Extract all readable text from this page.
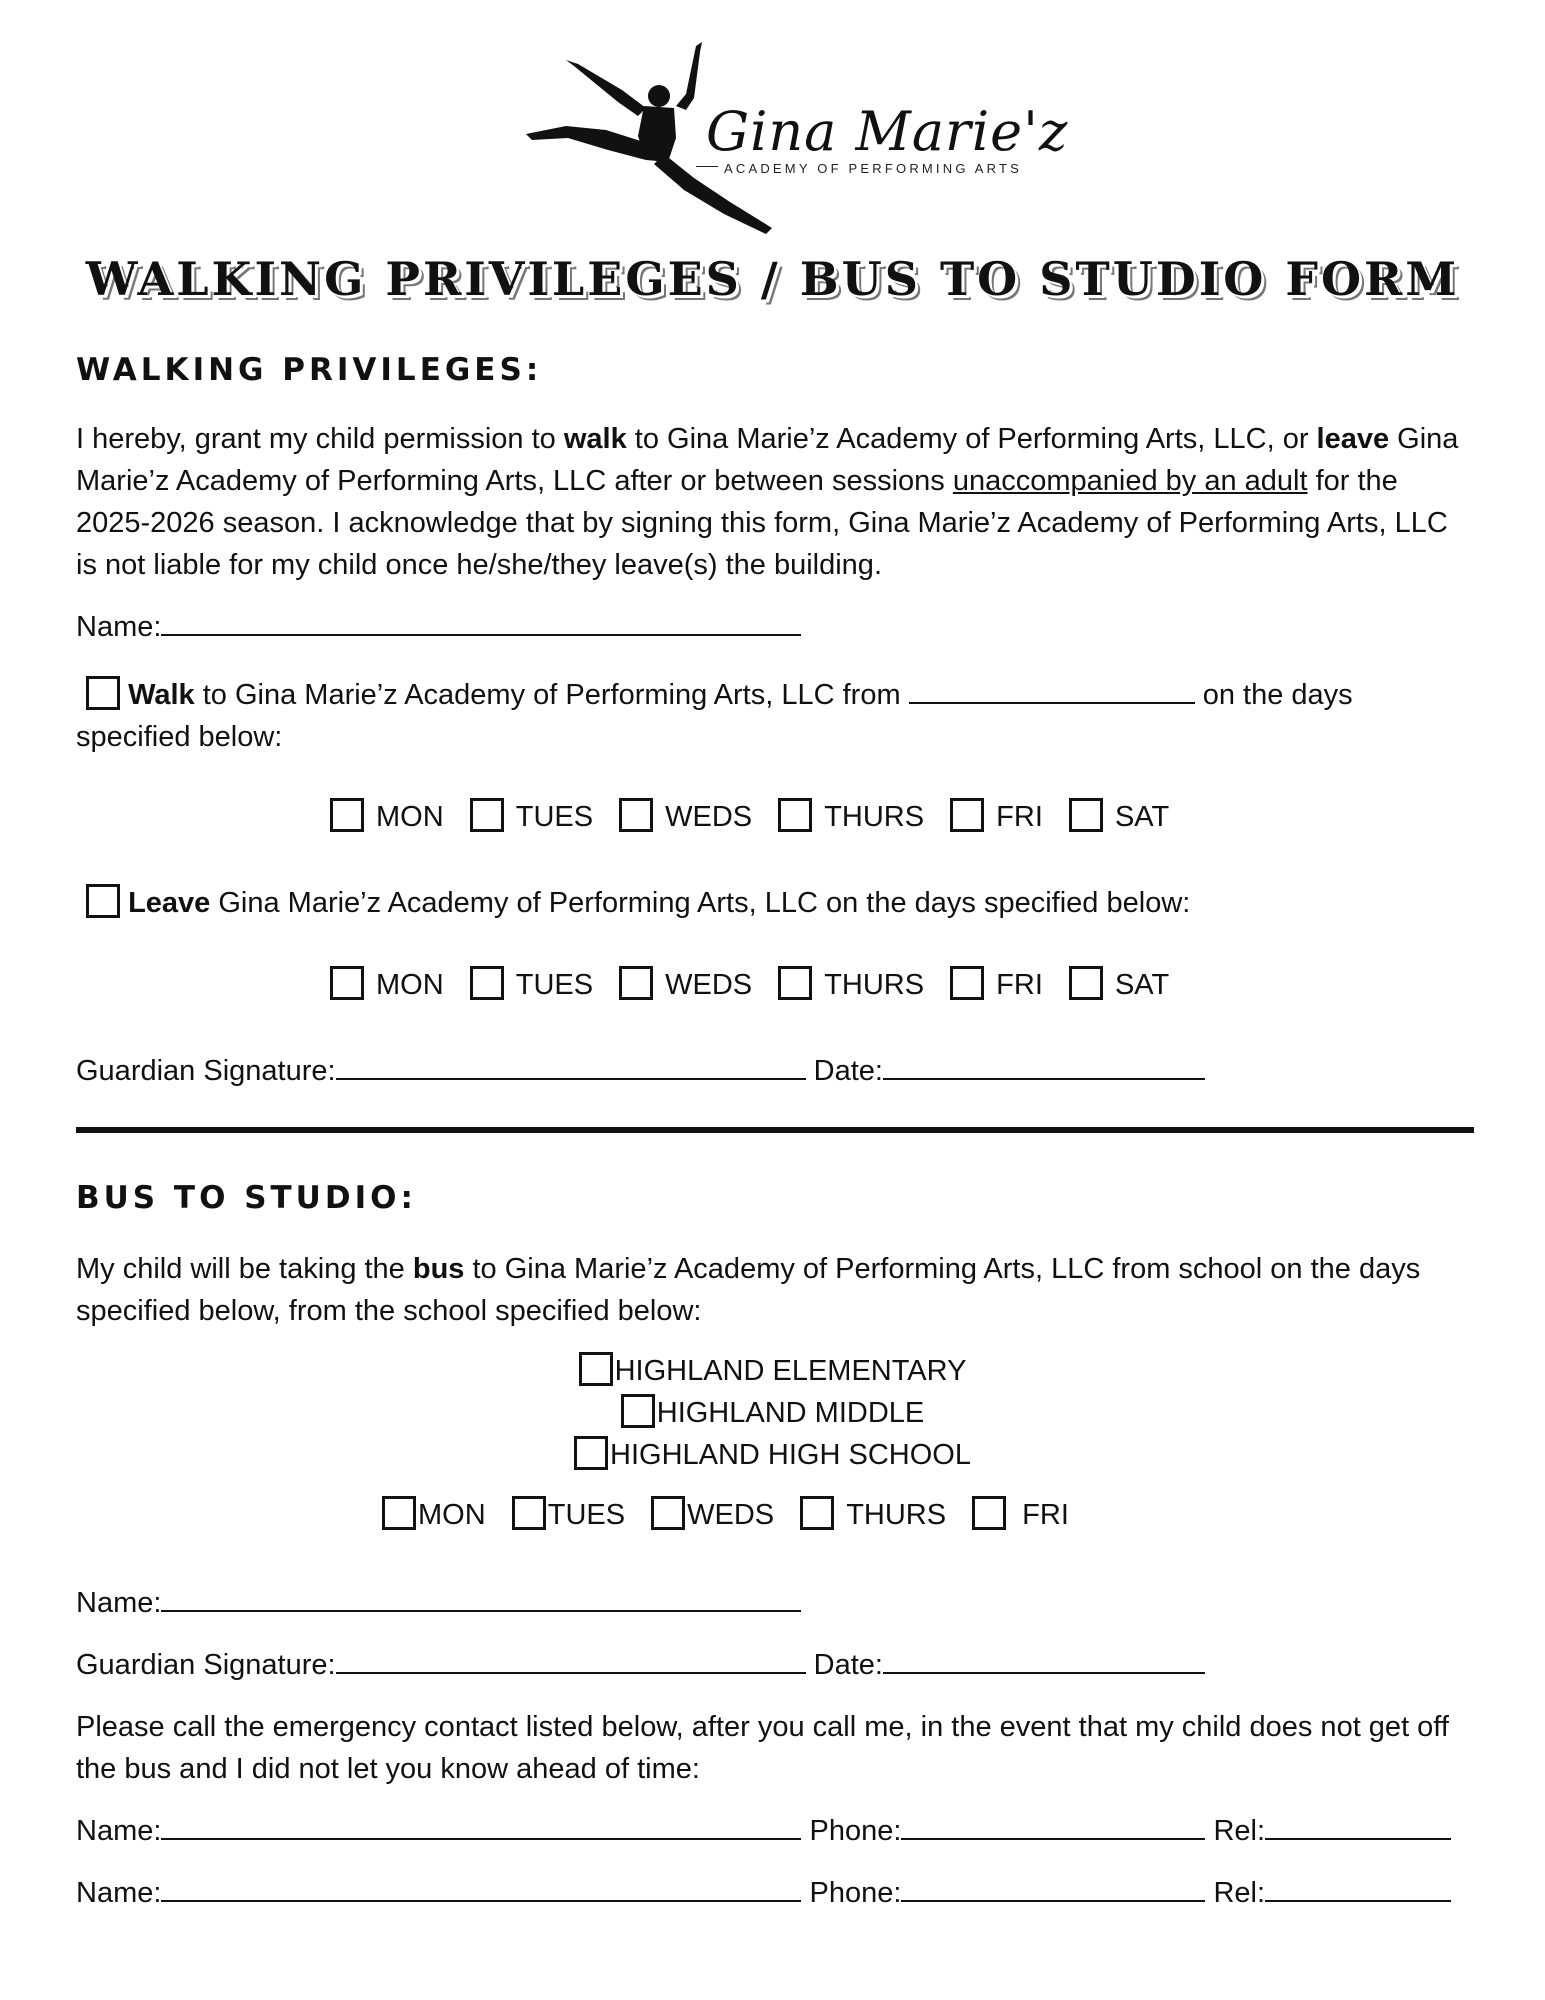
Gina Marie'z
ACADEMY OF PERFORMING ARTS
WALKING PRIVILEGES / BUS TO STUDIO FORM
WALKING PRIVILEGES:
I hereby, grant my child permission to walk to Gina Marie’z Academy of Performing Arts, LLC, or leave Gina Marie’z Academy of Performing Arts, LLC after or between sessions unaccompanied by an adult for the 2025-2026 season. I acknowledge that by signing this form, Gina Marie’z Academy of Performing Arts, LLC is not liable for my child once he/she/they leave(s) the building.
Name:
Walk to Gina Marie’z Academy of Performing Arts, LLC from	on the days
specified below:
MON TUES WEDS THURS FRI SAT
Leave Gina Marie’z Academy of Performing Arts, LLC on the days specified below:
MON TUES WEDS THURS FRI SAT
Guardian Signature:	Date:
BUS TO STUDIO:
My child will be taking the bus to Gina Marie’z Academy of Performing Arts, LLC from school on the days specified below, from the school specified below:
HIGHLAND ELEMENTARY
HIGHLAND MIDDLE
HIGHLAND HIGH SCHOOL
MON TUES WEDS THURS	FRI
Name:
Guardian Signature:	Date:
Please call the emergency contact listed below, after you call me, in the event that my child does not get off the bus and I did not let you know ahead of time:
Name:	Phone:	Rel:
Name:	Phone:	Rel:
